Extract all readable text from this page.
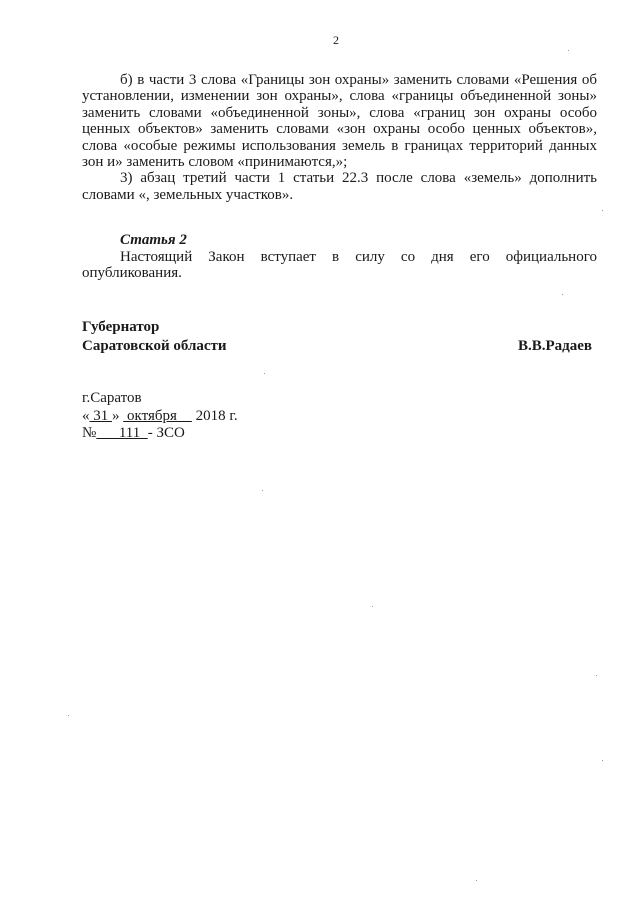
2

б) в части 3 слова «Границы зон охраны» заменить словами «Решения об установлении, изменении зон охраны», слова «границы объединенной зоны» заменить словами «объединенной зоны», слова «границ зон охраны особо ценных объектов» заменить словами «зон охраны особо ценных объектов», слова «особые режимы использования земель в границах территорий данных зон и» заменить словом «принимаются,»;

3) абзац третий части 1 статьи 22.3 после слова «земель» дополнить словами «, земельных участков».

Статья 2

Настоящий Закон вступает в силу со дня его официального опубликования.

Губернатор
Саратовской области	В.В.Радаев
г.Саратов
« 31 »  октября     2018 г.
№      111  - ЗСО
